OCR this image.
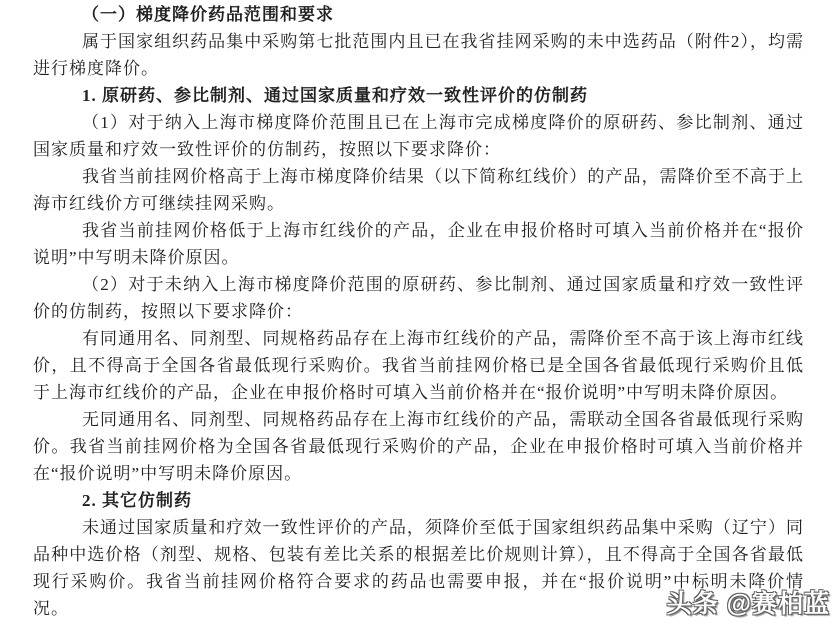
（一）梯度降价药品范围和要求

属于国家组织药品集中采购第七批范围内且已在我省挂网采购的未中选药品（附件2），均需进行梯度降价。

1. 原研药、参比制剂、通过国家质量和疗效一致性评价的仿制药

（1）对于纳入上海市梯度降价范围且已在上海市完成梯度降价的原研药、参比制剂、通过国家质量和疗效一致性评价的仿制药，按照以下要求降价：

我省当前挂网价格高于上海市梯度降价结果（以下简称红线价）的产品，需降价至不高于上海市红线价方可继续挂网采购。

我省当前挂网价格低于上海市红线价的产品，企业在申报价格时可填入当前价格并在“报价说明”中写明未降价原因。

（2）对于未纳入上海市梯度降价范围的原研药、参比制剂、通过国家质量和疗效一致性评价的仿制药，按照以下要求降价：

有同通用名、同剂型、同规格药品存在上海市红线价的产品，需降价至不高于该上海市红线价，且不得高于全国各省最低现行采购价。我省当前挂网价格已是全国各省最低现行采购价且低于上海市红线价的产品，企业在申报价格时可填入当前价格并在“报价说明”中写明未降价原因。

无同通用名、同剂型、同规格药品存在上海市红线价的产品，需联动全国各省最低现行采购价。我省当前挂网价格为全国各省最低现行采购价的产品，企业在申报价格时可填入当前价格并在“报价说明”中写明未降价原因。

2. 其它仿制药

未通过国家质量和疗效一致性评价的产品，须降价至低于国家组织药品集中采购（辽宁）同品种中选价格（剂型、规格、包装有差比关系的根据差比价规则计算），且不得高于全国各省最低现行采购价。我省当前挂网价格符合要求的药品也需要申报，并在“报价说明”中标明未降价情况。	头条 @赛柏蓝
